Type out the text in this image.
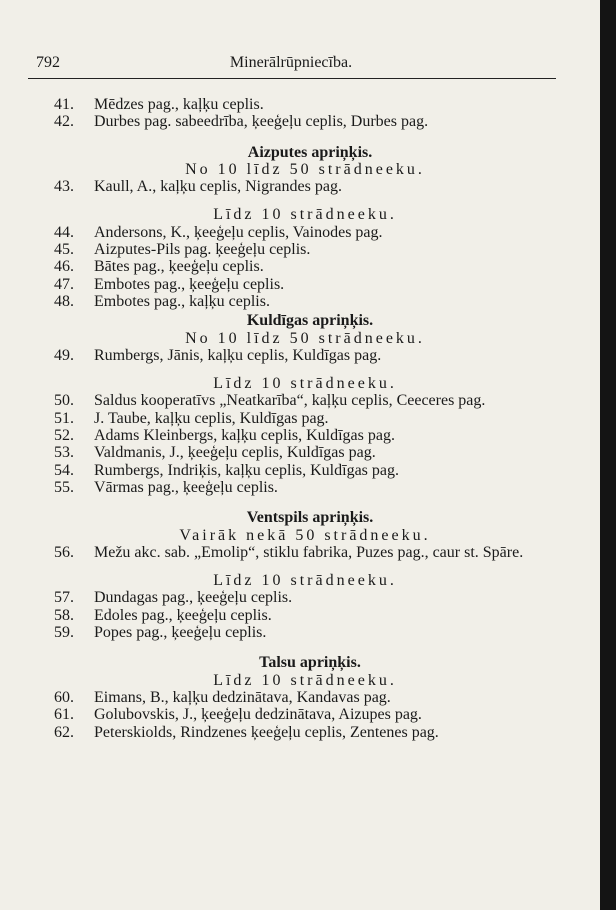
792	Minerālrūpniecība.
41. Mēdzes pag., kaļķu ceplis.
42. Durbes pag. sabeedrība, ķeeģeļu ceplis, Durbes pag.
Aizputes apriņķis.
No 10 līdz 50 strādneeku.
43. Kaull, A., kaļķu ceplis, Nigrandes pag.
Līdz 10 strādneeku.
44. Andersons, K., ķeeģeļu ceplis, Vainodes pag.
45. Aizputes-Pils pag. ķeeģeļu ceplis.
46. Bātes pag., ķeeģeļu ceplis.
47. Embotes pag., ķeeģeļu ceplis.
48. Embotes pag., kaļķu ceplis.
Kuldīgas apriņķis.
No 10 līdz 50 strādneeku.
49. Rumbergs, Jānis, kaļķu ceplis, Kuldīgas pag.
Līdz 10 strādneeku.
50. Saldus kooperatīvs „Neatkarība“, kaļķu ceplis, Ceeceres pag.
51. J. Taube, kaļķu ceplis, Kuldīgas pag.
52. Adams Kleinbergs, kaļķu ceplis, Kuldīgas pag.
53. Valdmanis, J., ķeeģeļu ceplis, Kuldīgas pag.
54. Rumbergs, Indriķis, kaļķu ceplis, Kuldīgas pag.
55. Vārmas pag., ķeeģeļu ceplis.
Ventspils apriņķis.
Vairāk nekā 50 strādneeku.
56. Mežu akc. sab. „Emolip“, stiklu fabrika, Puzes pag., caur st. Spāre.
Līdz 10 strādneeku.
57. Dundagas pag., ķeeģeļu ceplis.
58. Edoles pag., ķeeģeļu ceplis.
59. Popes pag., ķeeģeļu ceplis.
Talsu apriņķis.
Līdz 10 strādneeku.
60. Eimans, B., kaļķu dedzinātava, Kandavas pag.
61. Golubovskis, J., ķeeģeļu dedzinātava, Aizupes pag.
62. Peterskiolds, Rindzenes ķeeģeļu ceplis, Zentenes pag.
